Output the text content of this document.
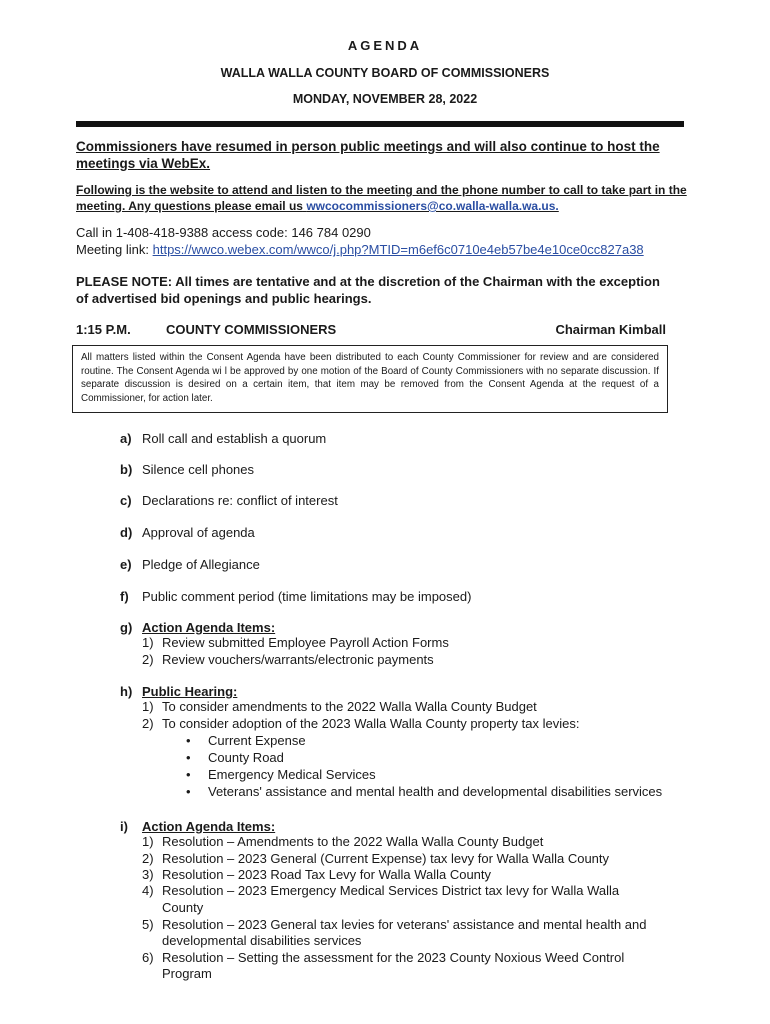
AGENDA
WALLA WALLA COUNTY BOARD OF COMMISSIONERS
MONDAY, NOVEMBER 28, 2022
Commissioners have resumed in person public meetings and will also continue to host the meetings via WebEx.
Following is the website to attend and listen to the meeting and the phone number to call to take part in the meeting. Any questions please email us wwcocommissioners@co.walla-walla.wa.us.
Call in 1-408-418-9388 access code: 146 784 0290
Meeting link: https://wwco.webex.com/wwco/j.php?MTID=m6ef6c0710e4eb57be4e10ce0cc827a38
PLEASE NOTE: All times are tentative and at the discretion of the Chairman with the exception of advertised bid openings and public hearings.
1:15 P.M.	COUNTY COMMISSIONERS	Chairman Kimball
All matters listed within the Consent Agenda have been distributed to each County Commissioner for review and are considered routine. The Consent Agenda wi l be approved by one motion of the Board of County Commissioners with no separate discussion. If separate discussion is desired on a certain item, that item may be removed from the Consent Agenda at the request of a Commissioner, for action later.
a) Roll call and establish a quorum
b) Silence cell phones
c) Declarations re: conflict of interest
d) Approval of agenda
e) Pledge of Allegiance
f) Public comment period (time limitations may be imposed)
g) Action Agenda Items:
1) Review submitted Employee Payroll Action Forms
2) Review vouchers/warrants/electronic payments
h) Public Hearing:
1) To consider amendments to the 2022 Walla Walla County Budget
2) To consider adoption of the 2023 Walla Walla County property tax levies:
• Current Expense
• County Road
• Emergency Medical Services
• Veterans' assistance and mental health and developmental disabilities services
i) Action Agenda Items:
1) Resolution – Amendments to the 2022 Walla Walla County Budget
2) Resolution – 2023 General (Current Expense) tax levy for Walla Walla County
3) Resolution – 2023 Road Tax Levy for Walla Walla County
4) Resolution – 2023 Emergency Medical Services District tax levy for Walla Walla
County
5) Resolution – 2023 General tax levies for veterans' assistance and mental health and
developmental disabilities services
6) Resolution – Setting the assessment for the 2023 County Noxious Weed Control
Program
